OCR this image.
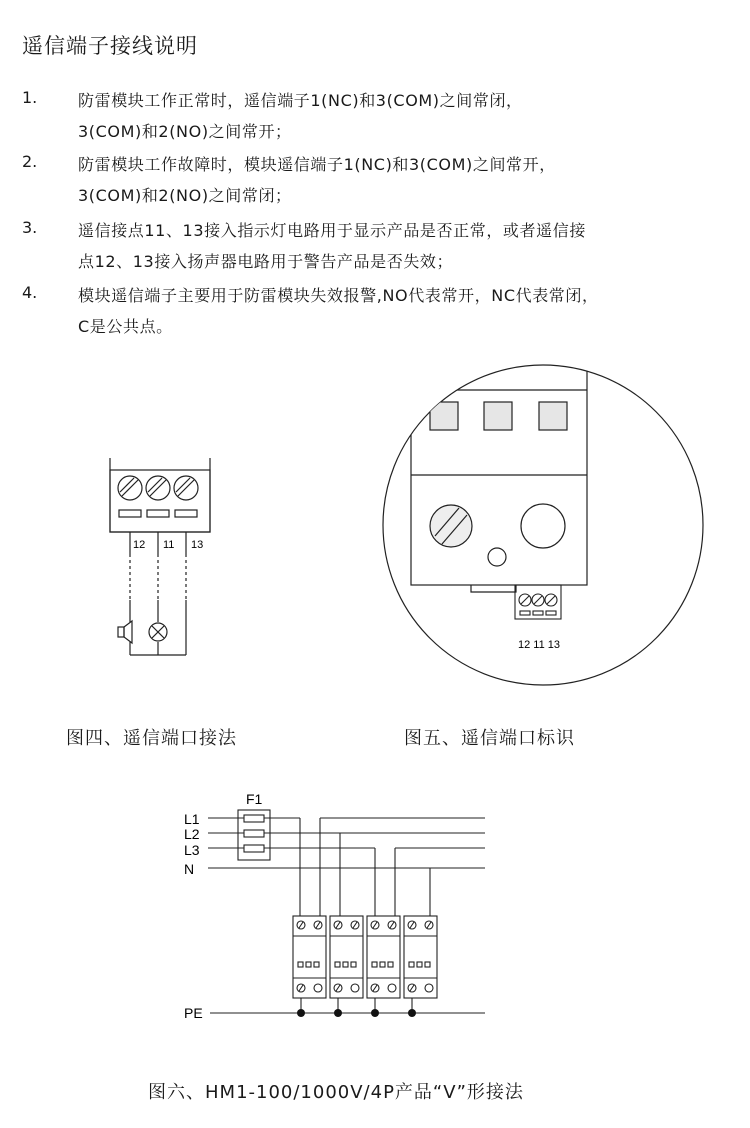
遥信端子接线说明
1.	防雷模块工作正常时，遥信端子1(NC)和3(COM)之间常闭，
3(COM)和2(NO)之间常开；
2.	防雷模块工作故障时，模块遥信端子1(NC)和3(COM)之间常开，
3(COM)和2(NO)之间常闭；
3.	遥信接点11、13接入指示灯电路用于显示产品是否正常，或者遥信接
点12、13接入扬声器电路用于警告产品是否失效；
4.	模块遥信端子主要用于防雷模块失效报警,NO代表常开，NC代表常闭，
C是公共点。
12 11 13
12 11 13
图四、遥信端口接法	图五、遥信端口标识
F1
L1
L2
L3
N
PE
图六、HM1-100/1000V/4P产品“V”形接法
